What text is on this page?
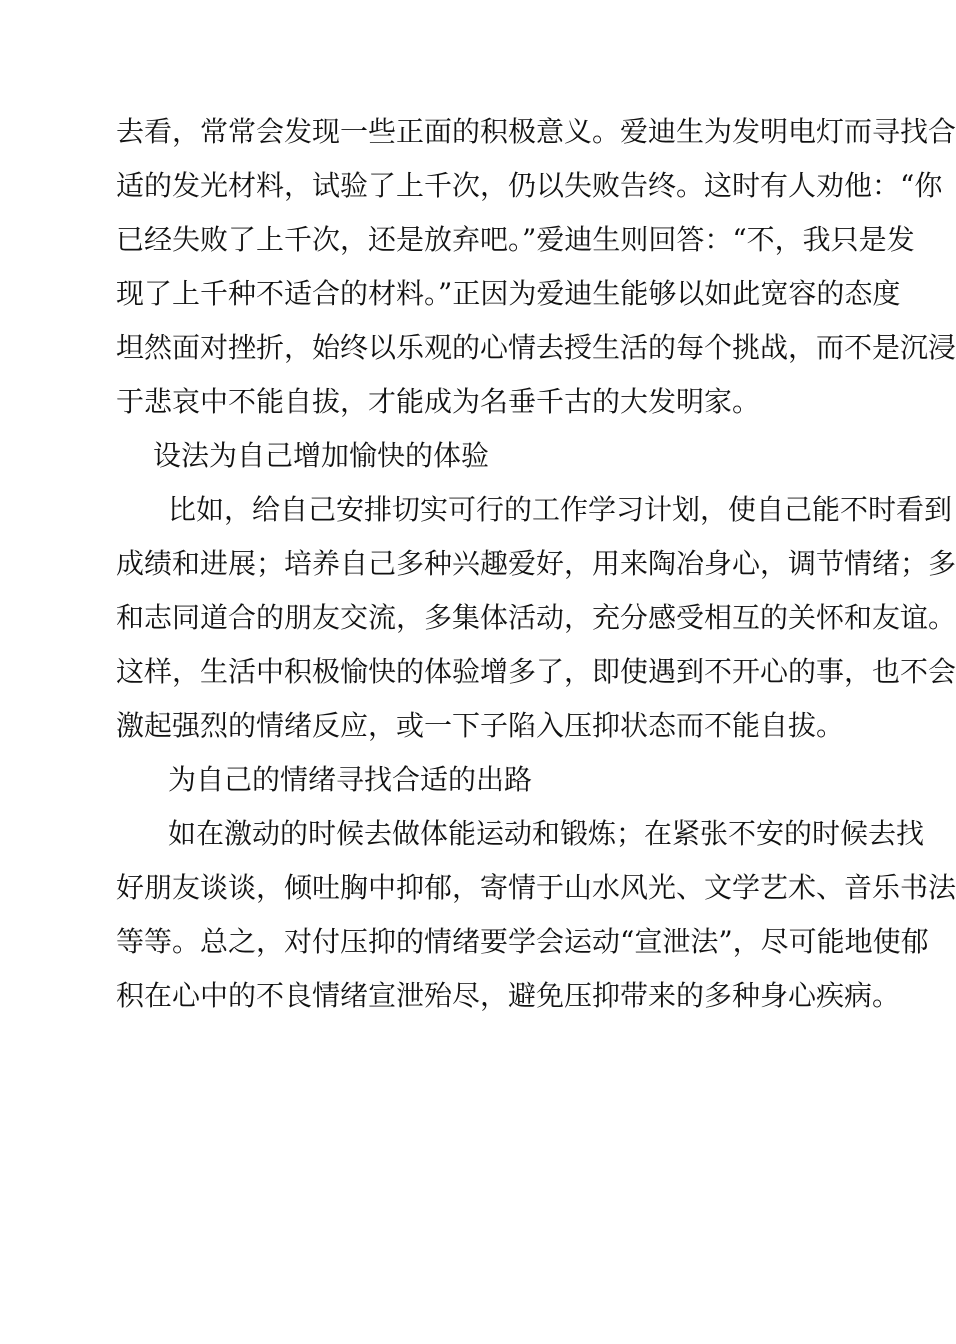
去看，常常会发现一些正面的积极意义。爱迪生为发明电灯而寻找合
适的发光材料，试验了上千次，仍以失败告终。这时有人劝他：“你
已经失败了上千次，还是放弃吧。”爱迪生则回答：“不，我只是发
现了上千种不适合的材料。”正因为爱迪生能够以如此宽容的态度
坦然面对挫折，始终以乐观的心情去授生活的每个挑战，而不是沉浸
于悲哀中不能自拔，才能成为名垂千古的大发明家。
设法为自己增加愉快的体验
比如，给自己安排切实可行的工作学习计划，使自己能不时看到
成绩和进展；培养自己多种兴趣爱好，用来陶冶身心，调节情绪；多
和志同道合的朋友交流，多集体活动，充分感受相互的关怀和友谊。
这样，生活中积极愉快的体验增多了，即使遇到不开心的事，也不会
激起强烈的情绪反应，或一下子陷入压抑状态而不能自拔。
为自己的情绪寻找合适的出路
如在激动的时候去做体能运动和锻炼；在紧张不安的时候去找
好朋友谈谈，倾吐胸中抑郁，寄情于山水风光、文学艺术、音乐书法
等等。总之，对付压抑的情绪要学会运动“宣泄法”，尽可能地使郁
积在心中的不良情绪宣泄殆尽，避免压抑带来的多种身心疾病。
